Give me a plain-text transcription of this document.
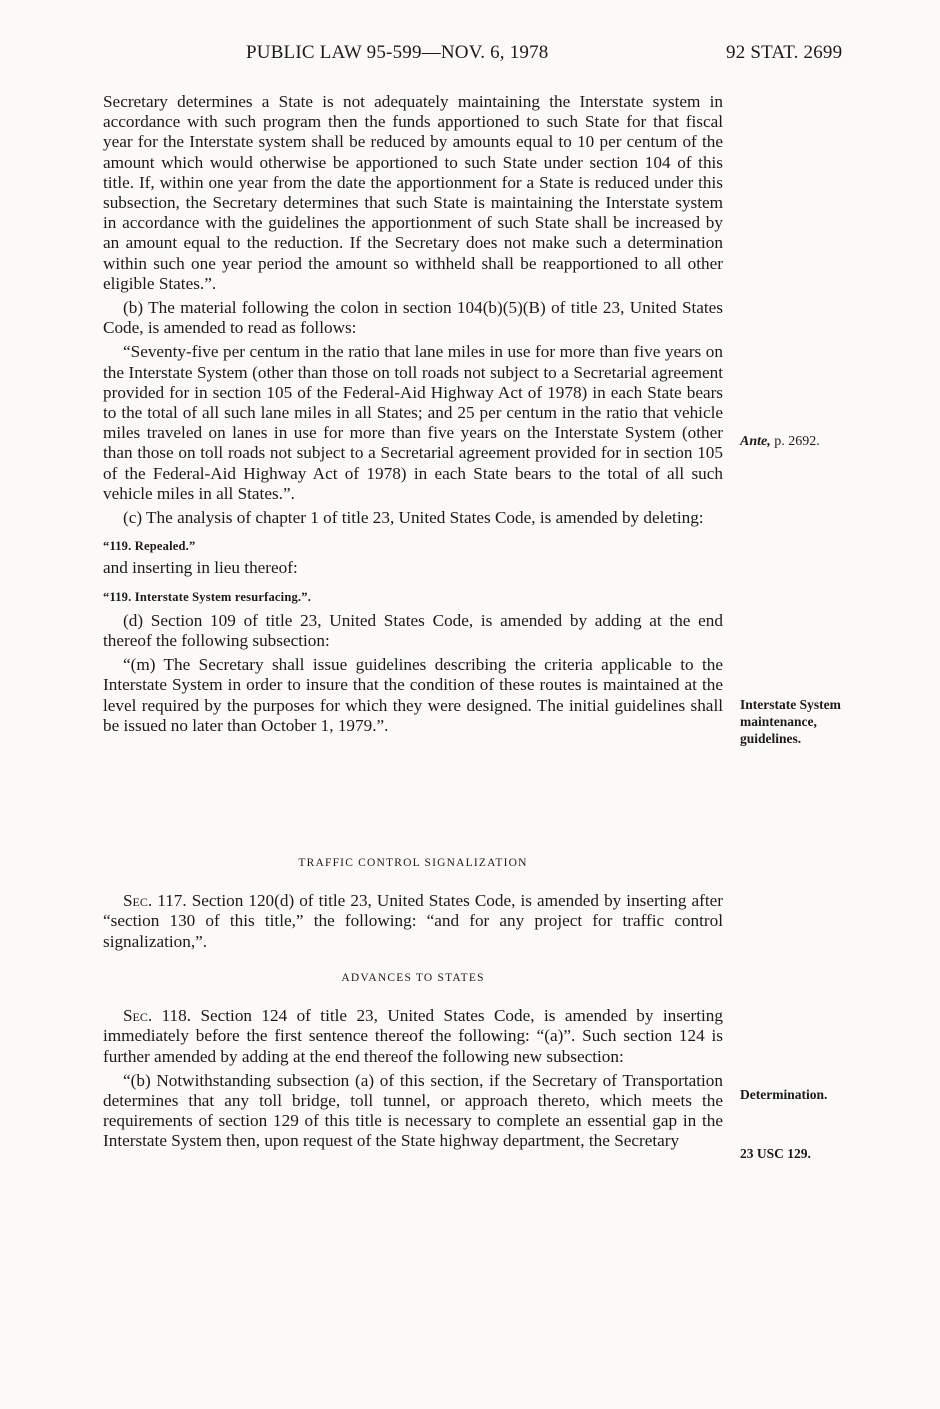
PUBLIC LAW 95-599—NOV. 6, 1978	92 STAT. 2699

Secretary determines a State is not adequately maintaining the Interstate system in accordance with such program then the funds apportioned to such State for that fiscal year for the Interstate system shall be reduced by amounts equal to 10 per centum of the amount which would otherwise be apportioned to such State under section 104 of this title. If, within one year from the date the apportionment for a State is reduced under this subsection, the Secretary determines that such State is maintaining the Interstate system in accordance with the guidelines the apportionment of such State shall be increased by an amount equal to the reduction. If the Secretary does not make such a determination within such one year period the amount so withheld shall be reapportioned to all other eligible States.”.

(b) The material following the colon in section 104(b)(5)(B) of title 23, United States Code, is amended to read as follows:

“Seventy-five per centum in the ratio that lane miles in use for more than five years on the Interstate System (other than those on toll roads not subject to a Secretarial agreement provided for in section 105 of the Federal-Aid Highway Act of 1978) in each State bears to the total of all such lane miles in all States; and 25 per centum in the ratio that vehicle miles traveled on lanes in use for more than five years on the Interstate System (other than those on toll roads not subject to a Secretarial agreement provided for in section 105 of the Federal-Aid Highway Act of 1978) in each State bears to the total of all such vehicle miles in all States.”.

(c) The analysis of chapter 1 of title 23, United States Code, is amended by deleting:

“119. Repealed.”

and inserting in lieu thereof:

“119. Interstate System resurfacing.”.

(d) Section 109 of title 23, United States Code, is amended by adding at the end thereof the following subsection:

“(m) The Secretary shall issue guidelines describing the criteria applicable to the Interstate System in order to insure that the condition of these routes is maintained at the level required by the purposes for which they were designed. The initial guidelines shall be issued no later than October 1, 1979.”.

TRAFFIC CONTROL SIGNALIZATION

Sec. 117. Section 120(d) of title 23, United States Code, is amended by inserting after “section 130 of this title,” the following: “and for any project for traffic control signalization,”.

ADVANCES TO STATES

Sec. 118. Section 124 of title 23, United States Code, is amended by inserting immediately before the first sentence thereof the following: “(a)”. Such section 124 is further amended by adding at the end thereof the following new subsection:

“(b) Notwithstanding subsection (a) of this section, if the Secretary of Transportation determines that any toll bridge, toll tunnel, or approach thereto, which meets the requirements of section 129 of this title is necessary to complete an essential gap in the Interstate System then, upon request of the State highway department, the Secretary

Ante, p. 2692.
Interstate System
maintenance,
guidelines.
Determination.
23 USC 129.
